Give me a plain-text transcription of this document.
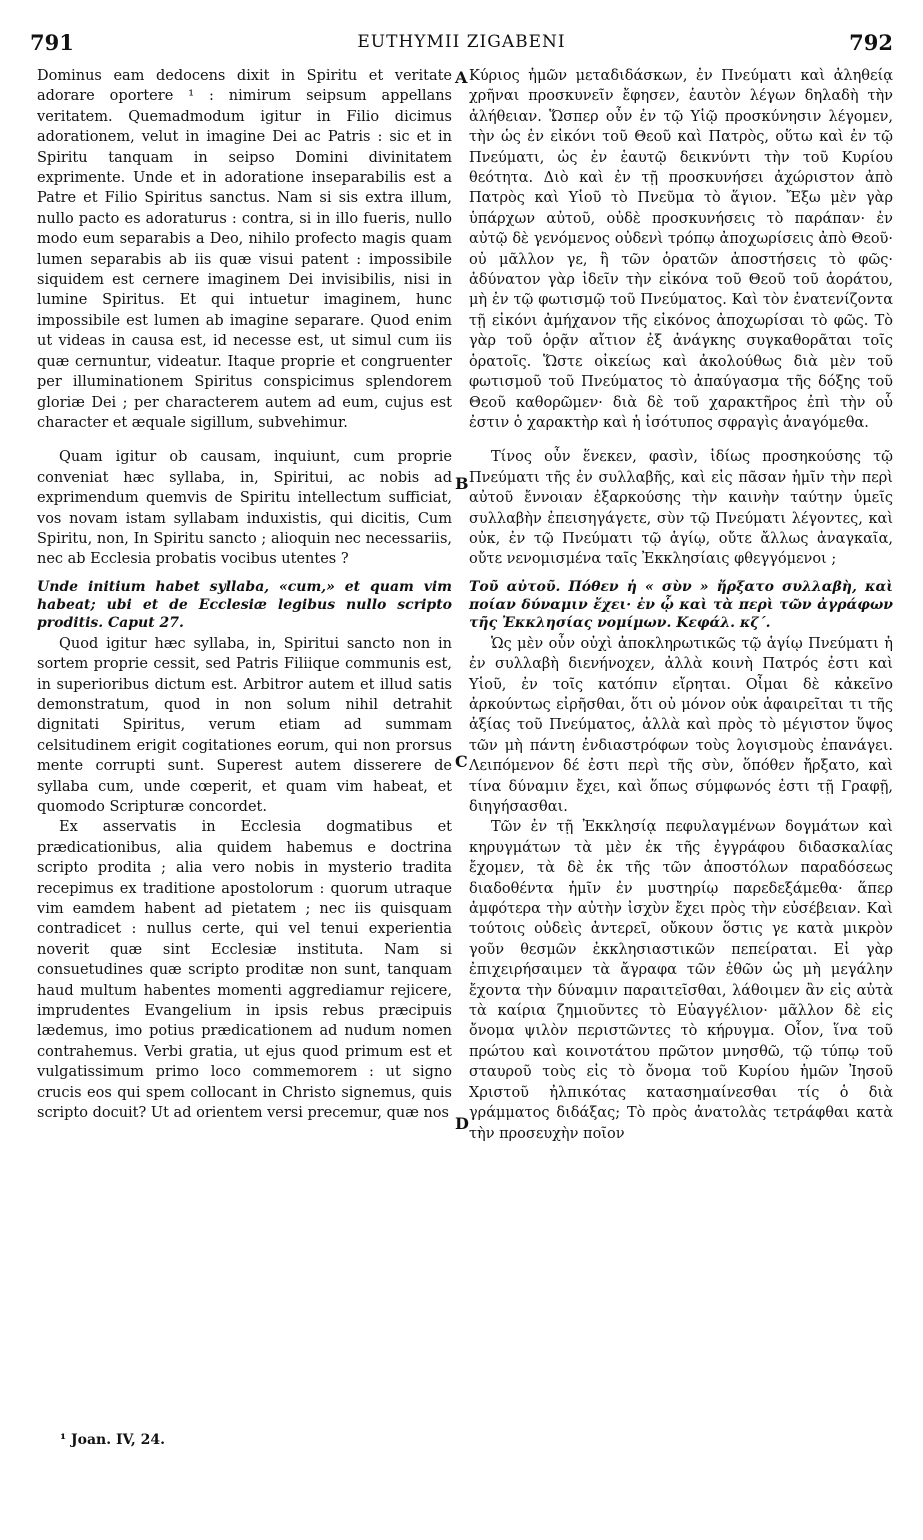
791	EUTHYMII ZIGABENI	792

Dominus eam dedocens dixit in Spiritu et veritate adorare oportere ¹ : nimirum seipsum appellans veritatem. Quemadmodum igitur in Filio dicimus adorationem, velut in imagine Dei ac Patris : sic et in Spiritu tanquam in seipso Domini divinitatem exprimente. Unde et in adoratione inseparabilis est a Patre et Filio Spiritus sanctus. Nam si sis extra illum, nullo pacto es adoraturus : contra, si in illo fueris, nullo modo eum separabis a Deo, nihilo profecto magis quam lumen separabis ab iis quæ visui patent : impossibile siquidem est cernere imaginem Dei invisibilis, nisi in lumine Spiritus. Et qui intuetur imaginem, hunc impossibile est lumen ab imagine separare. Quod enim ut videas in causa est, id necesse est, ut simul cum iis quæ cernuntur, videatur. Itaque proprie et congruenter per illuminationem Spiritus conspicimus splendorem gloriæ Dei ; per characterem autem ad eum, cujus est character et æquale sigillum, subvehimur.

Quam igitur ob causam, inquiunt, cum proprie conveniat hæc syllaba, in, Spiritui, ac nobis ad exprimendum quemvis de Spiritu intellectum sufficiat, vos novam istam syllabam induxistis, qui dicitis, Cum Spiritu, non, In Spiritu sancto ; alioquin nec necessariis, nec ab Ecclesia probatis vocibus utentes ?

Unde initium habet syllaba, «cum,» et quam vim habeat; ubi et de Ecclesiæ legibus nullo scripto proditis. Caput 27.

Quod igitur hæc syllaba, in, Spiritui sancto non in sortem proprie cessit, sed Patris Filiique communis est, in superioribus dictum est. Arbitror autem et illud satis demonstratum, quod in non solum nihil detrahit dignitati Spiritus, verum etiam ad summam celsitudinem erigit cogitationes eorum, qui non prorsus mente corrupti sunt. Superest autem disserere de syllaba cum, unde cœperit, et quam vim habeat, et quomodo Scripturæ concordet.

Ex asservatis in Ecclesia dogmatibus et prædicationibus, alia quidem habemus e doctrina scripto prodita ; alia vero nobis in mysterio tradita recepimus ex traditione apostolorum : quorum utraque vim eamdem habent ad pietatem ; nec iis quisquam contradicet : nullus certe, qui vel tenui experientia noverit quæ sint Ecclesiæ instituta. Nam si consuetudines quæ scripto proditæ non sunt, tanquam haud multum habentes momenti aggrediamur rejicere, imprudentes Evangelium in ipsis rebus præcipuis lædemus, imo potius prædicationem ad nudum nomen contrahemus. Verbi gratia, ut ejus quod primum est et vulgatissimum primo loco commemorem : ut signo crucis eos qui spem collocant in Christo signemus, quis scripto docuit? Ut ad orientem versi precemur, quæ nos

Κύριος ἡμῶν μεταδιδάσκων, ἐν Πνεύματι καὶ ἀληθείᾳ χρῆναι προσκυνεῖν ἔφησεν, ἑαυτὸν λέγων δηλαδὴ τὴν ἀλήθειαν. Ὥσπερ οὖν ἐν τῷ Υἱῷ προσκύνησιν λέγομεν, τὴν ὡς ἐν εἰκόνι τοῦ Θεοῦ καὶ Πατρὸς, οὕτω καὶ ἐν τῷ Πνεύματι, ὡς ἐν ἑαυτῷ δεικνύντι τὴν τοῦ Κυρίου θεότητα. Διὸ καὶ ἐν τῇ προσκυνήσει ἀχώριστον ἀπὸ Πατρὸς καὶ Υἱοῦ τὸ Πνεῦμα τὸ ἅγιον. Ἔξω μὲν γὰρ ὑπάρχων αὐτοῦ, οὐδὲ προσκυνήσεις τὸ παράπαν· ἐν αὐτῷ δὲ γενόμενος οὐδενὶ τρόπῳ ἀποχωρίσεις ἀπὸ Θεοῦ· οὐ μᾶλλον γε, ἢ τῶν ὁρατῶν ἀποστήσεις τὸ φῶς· ἀδύνατον γὰρ ἰδεῖν τὴν εἰκόνα τοῦ Θεοῦ τοῦ ἀοράτου, μὴ ἐν τῷ φωτισμῷ τοῦ Πνεύματος. Καὶ τὸν ἐνατενίζοντα τῇ εἰκόνι ἀμήχανον τῆς εἰκόνος ἀποχωρίσαι τὸ φῶς. Τὸ γὰρ τοῦ ὁρᾷν αἴτιον ἐξ ἀνάγκης συγκαθορᾶται τοῖς ὁρατοῖς. Ὥστε οἰκείως καὶ ἀκολούθως διὰ μὲν τοῦ φωτισμοῦ τοῦ Πνεύματος τὸ ἀπαύγασμα τῆς δόξης τοῦ Θεοῦ καθορῶμεν· διὰ δὲ τοῦ χαρακτῆρος ἐπὶ τὴν οὗ ἐστιν ὁ χαρακτὴρ καὶ ἡ ἰσότυπος σφραγὶς ἀναγόμεθα.

Τίνος οὖν ἕνεκεν, φασὶν, ἰδίως προσηκούσης τῷ Πνεύματι τῆς ἐν συλλαβῆς, καὶ εἰς πᾶσαν ἡμῖν τὴν περὶ αὐτοῦ ἔννοιαν ἐξαρκούσης τὴν καινὴν ταύτην ὑμεῖς συλλαβὴν ἐπεισηγάγετε, σὺν τῷ Πνεύματι λέγοντες, καὶ οὐκ, ἐν τῷ Πνεύματι τῷ ἁγίῳ, οὔτε ἄλλως ἀναγκαῖα, οὔτε νενομισμένα ταῖς Ἐκκλησίαις φθεγγόμενοι ;

Τοῦ αὐτοῦ. Πόθεν ἡ « σὺν » ἤρξατο συλλαβὴ, καὶ ποίαν δύναμιν ἔχει· ἐν ᾧ καὶ τὰ περὶ τῶν ἀγράφων τῆς Ἐκκλησίας νομίμων. Κεφάλ. κζ´.

Ὡς μὲν οὖν οὐχὶ ἀποκληρωτικῶς τῷ ἁγίῳ Πνεύματι ἡ ἐν συλλαβὴ διενήνοχεν, ἀλλὰ κοινὴ Πατρός ἐστι καὶ Υἱοῦ, ἐν τοῖς κατόπιν εἴρηται. Οἶμαι δὲ κἀκεῖνο ἀρκούντως εἰρῆσθαι, ὅτι οὐ μόνον οὐκ ἀφαιρεῖται τι τῆς ἀξίας τοῦ Πνεύματος, ἀλλὰ καὶ πρὸς τὸ μέγιστον ὕψος τῶν μὴ πάντη ἐνδιαστρόφων τοὺς λογισμοὺς ἐπανάγει. Λειπόμενον δέ ἐστι περὶ τῆς σὺν, ὅπόθεν ἤρξατο, καὶ τίνα δύναμιν ἔχει, καὶ ὅπως σύμφωνός ἐστι τῇ Γραφῇ, διηγήσασθαι.

Τῶν ἐν τῇ Ἐκκλησίᾳ πεφυλαγμένων δογμάτων καὶ κηρυγμάτων τὰ μὲν ἐκ τῆς ἐγγράφου διδασκαλίας ἔχομεν, τὰ δὲ ἐκ τῆς τῶν ἀποστόλων παραδόσεως διαδοθέντα ἡμῖν ἐν μυστηρίῳ παρεδεξάμεθα· ἅπερ ἀμφότερα τὴν αὐτὴν ἰσχὺν ἔχει πρὸς τὴν εὐσέβειαν. Καὶ τούτοις οὐδεὶς ἀντερεῖ, οὔκουν ὅστις γε κατὰ μικρὸν γοῦν θεσμῶν ἐκκλησιαστικῶν πεπείραται. Εἰ γὰρ ἐπιχειρήσαιμεν τὰ ἄγραφα τῶν ἐθῶν ὡς μὴ μεγάλην ἔχοντα τὴν δύναμιν παραιτεῖσθαι, λάθοιμεν ἂν εἰς αὐτὰ τὰ καίρια ζημιοῦντες τὸ Εὐαγγέλιον· μᾶλλον δὲ εἰς ὄνομα ψιλὸν περιστῶντες τὸ κήρυγμα. Οἷον, ἵνα τοῦ πρώτου καὶ κοινοτάτου πρῶτον μνησθῶ, τῷ τύπῳ τοῦ σταυροῦ τοὺς εἰς τὸ ὄνομα τοῦ Κυρίου ἡμῶν Ἰησοῦ Χριστοῦ ἠλπικότας κατασημαίνεσθαι τίς ὁ διὰ γράμματος διδάξας; Τὸ πρὸς ἀνατολὰς τετράφθαι κατὰ τὴν προσευχὴν ποῖον

A
B
C
D
¹ Joan. IV, 24.
